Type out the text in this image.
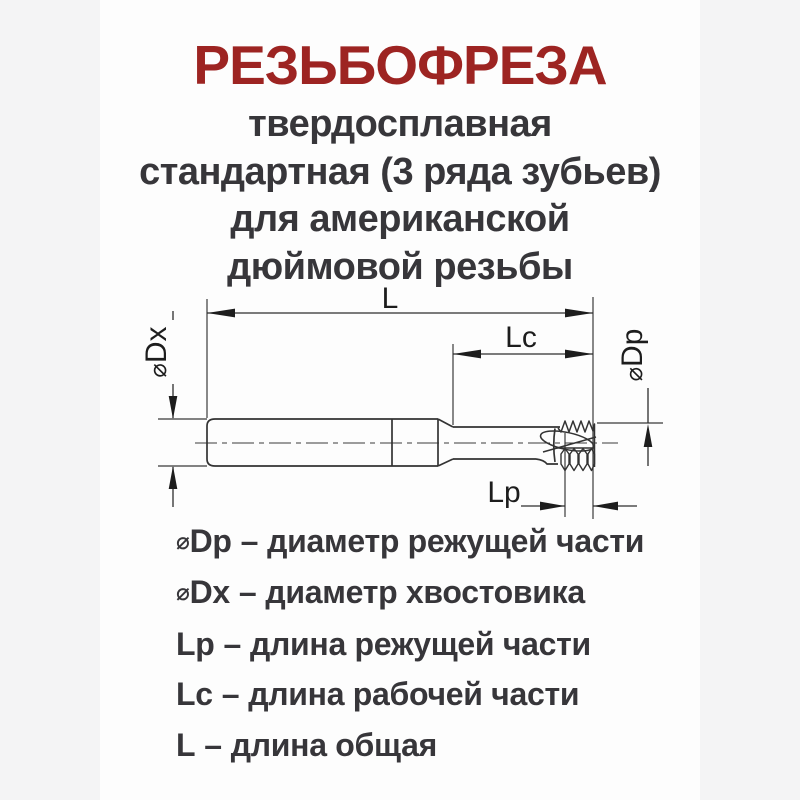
РЕЗЬБОФРЕЗА
твердосплавная
стандартная (3 ряда зубьев)
для американской
дюймовой резьбы
L
Lc
Lp
⌀Dx
⌀Dp
⌀Dp – диаметр режущей части
⌀Dx – диаметр хвостовика
Lp – длина режущей части
Lc – длина рабочей части
L – длина общая
